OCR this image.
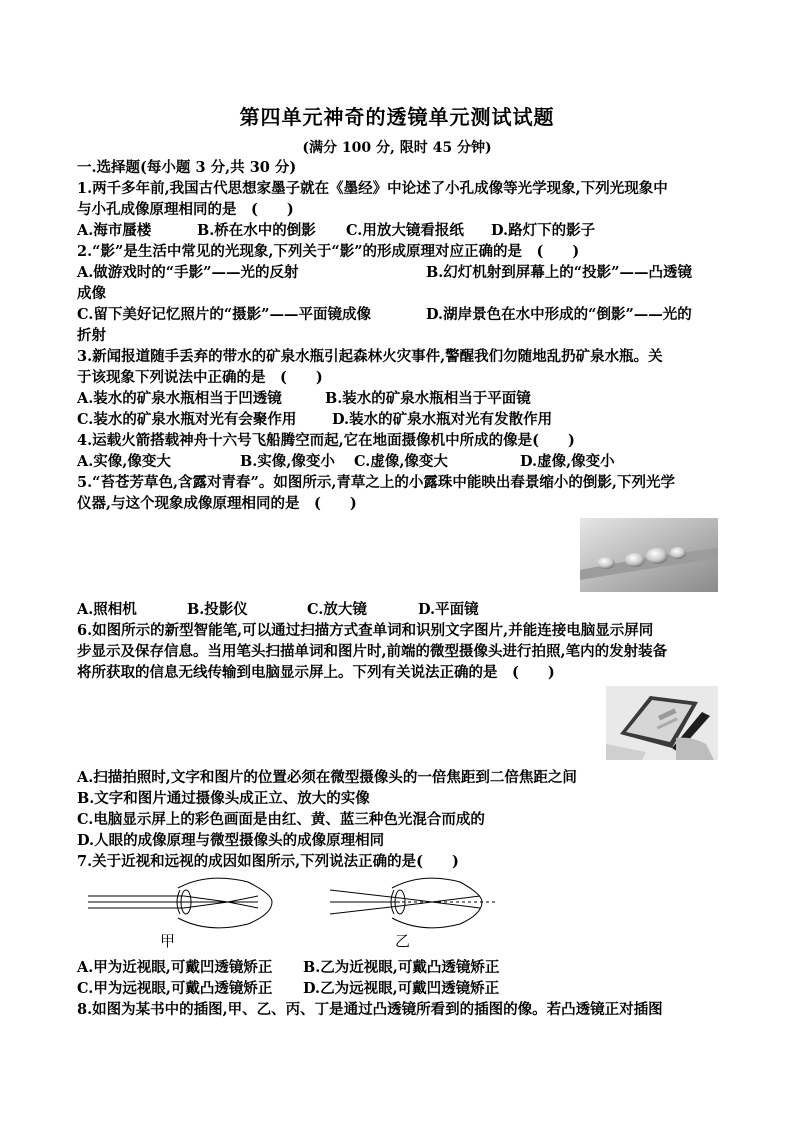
第四单元神奇的透镜单元测试试题
(满分 100 分, 限时 45 分钟)
一.选择题(每小题 3 分,共 30 分)
1.两千多年前,我国古代思想家墨子就在《墨经》中论述了小孔成像等光学现象,下列光现象中
与小孔成像原理相同的是　(　　)
A.海市蜃楼	B.桥在水中的倒影 C.用放大镜看报纸 D.路灯下的影子
2.“影”是生活中常见的光现象,下列关于“影”的形成原理对应正确的是　(　　)
A.做游戏时的“手影”——光的反射	B.幻灯机射到屏幕上的“投影”——凸透镜
成像
C.留下美好记忆照片的“摄影”——平面镜成像	D.湖岸景色在水中形成的“倒影”——光的
折射
3.新闻报道随手丢弃的带水的矿泉水瓶引起森林火灾事件,警醒我们勿随地乱扔矿泉水瓶。关
于该现象下列说法中正确的是　(　　)
A.装水的矿泉水瓶相当于凹透镜	B.装水的矿泉水瓶相当于平面镜
C.装水的矿泉水瓶对光有会聚作用 D.装水的矿泉水瓶对光有发散作用
4.运载火箭搭载神舟十六号飞船腾空而起,它在地面摄像机中所成的像是(　　)
A.实像,像变大	B.实像,像变小 C.虚像,像变大	D.虚像,像变小
5.“苔苍芳草色,含露对青春”。如图所示,青草之上的小露珠中能映出春景缩小的倒影,下列光学
仪器,与这个现象成像原理相同的是　(　　)
A.照相机	B.投影仪	C.放大镜	D.平面镜
6.如图所示的新型智能笔,可以通过扫描方式查单词和识别文字图片,并能连接电脑显示屏同
步显示及保存信息。当用笔头扫描单词和图片时,前端的微型摄像头进行拍照,笔内的发射装备
将所获取的信息无线传输到电脑显示屏上。下列有关说法正确的是　(　　)
A.扫描拍照时,文字和图片的位置必须在微型摄像头的一倍焦距到二倍焦距之间
B.文字和图片通过摄像头成正立、放大的实像
C.电脑显示屏上的彩色画面是由红、黄、蓝三种色光混合而成的
D.人眼的成像原理与微型摄像头的成像原理相同
7.关于近视和远视的成因如图所示,下列说法正确的是(　　)
甲	乙
A.甲为近视眼,可戴凹透镜矫正 B.乙为近视眼,可戴凸透镜矫正
C.甲为远视眼,可戴凸透镜矫正 D.乙为远视眼,可戴凹透镜矫正
8.如图为某书中的插图,甲、乙、丙、丁是通过凸透镜所看到的插图的像。若凸透镜正对插图
